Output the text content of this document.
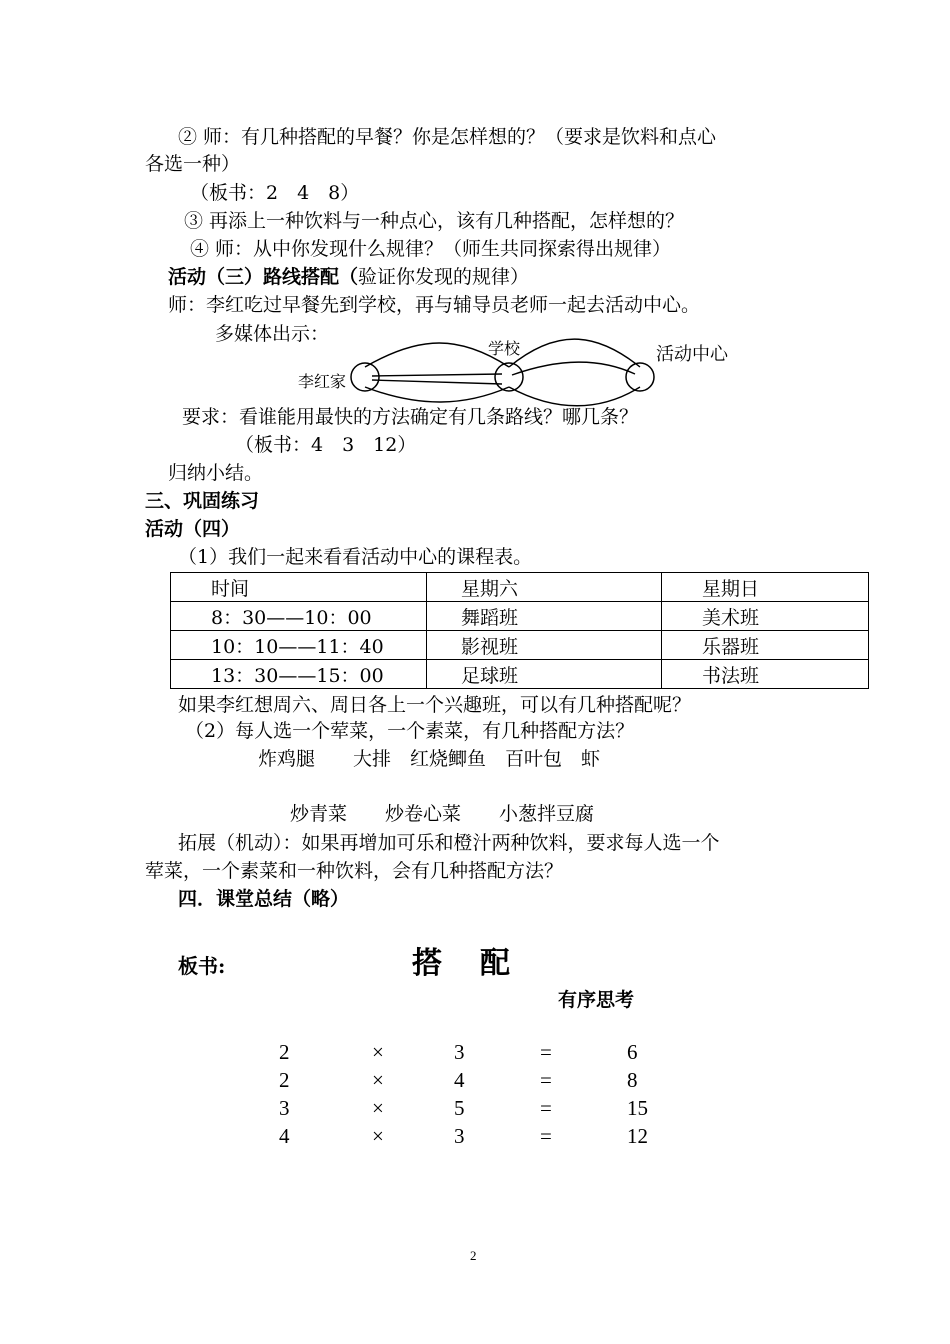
② 师：有几种搭配的早餐？你是怎样想的？（要求是饮料和点心
各选一种）
（板书：2　4　8）
③ 再添上一种饮料与一种点心，该有几种搭配，怎样想的？
④ 师：从中你发现什么规律？（师生共同探索得出规律）
活动（三）路线搭配（验证你发现的规律）
师：李红吃过早餐先到学校，再与辅导员老师一起去活动中心。
多媒体出示：
李红家
学校	活动中心
要求：看谁能用最快的方法确定有几条路线？哪几条？
（板书：4　3　12）
归纳小结。
三、巩固练习
活动（四）
（1）我们一起来看看活动中心的课程表。
时间	星期六	星期日
8：30——10：00	舞蹈班	美术班
10：10——11：40	影视班	乐器班
13：30——15：00	足球班	书法班
如果李红想周六、周日各上一个兴趣班，可以有几种搭配呢？
（2）每人选一个荤菜，一个素菜，有几种搭配方法？
炸鸡腿　　大排　红烧鲫鱼　百叶包　虾
炒青菜　　炒卷心菜　　小葱拌豆腐
拓展（机动）：如果再增加可乐和橙汁两种饮料，要求每人选一个
荤菜，一个素菜和一种饮料，会有几种搭配方法？
四．课堂总结（略）
板书:	搭配
有序思考
2	×	3	=	6
2	×	4	=	8
3	×	5	=	15
4	×	3	=	12
2
